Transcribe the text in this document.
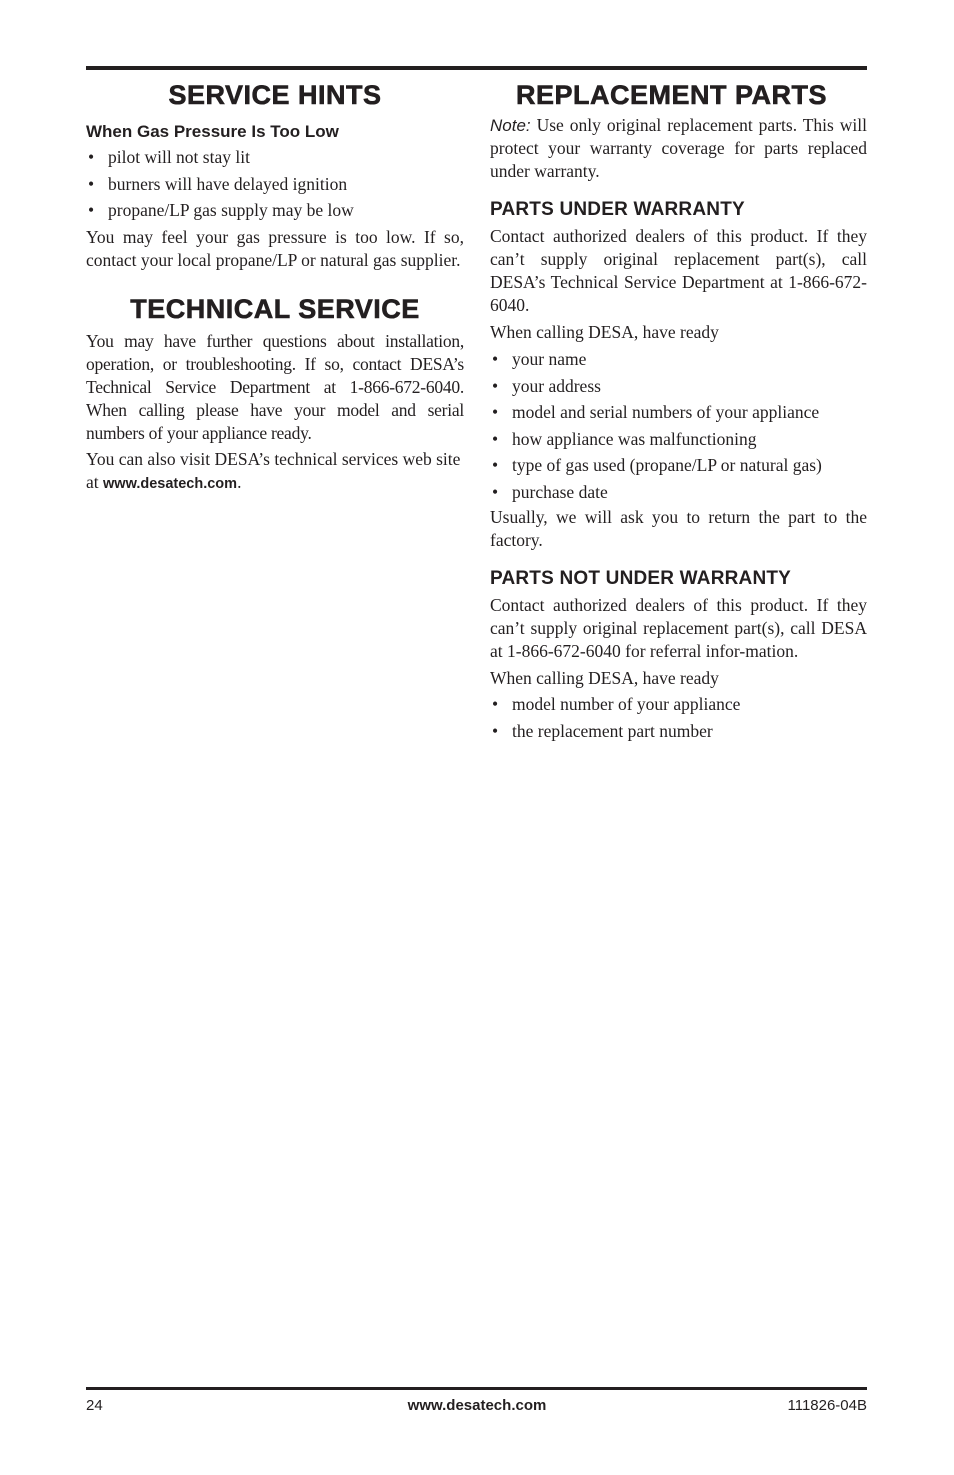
SERVICE HINTS
When Gas Pressure Is Too Low
• pilot will not stay lit
• burners will have delayed ignition
• propane/LP gas supply may be low

You may feel your gas pressure is too low. If so, contact your local propane/LP or natural gas supplier.

TECHNICAL SERVICE

You may have further questions about installation, operation, or troubleshooting. If so, contact DESA’s Technical Service Department at 1-866-672-6040. When calling please have your model and serial numbers of your appliance ready.

You can also visit DESA’s technical services web site at www.desatech.com.

REPLACEMENT PARTS

Note: Use only original replacement parts. This will protect your warranty coverage for parts replaced under warranty.

PARTS UNDER WARRANTY

Contact authorized dealers of this product. If they can’t supply original replacement part(s), call DESA’s Technical Service Department at 1-866-672-6040.

When calling DESA, have ready

• your name
• your address
• model and serial numbers of your appliance
• how appliance was malfunctioning
• type of gas used (propane/LP or natural gas)
• purchase date

Usually, we will ask you to return the part to the factory.

PARTS NOT UNDER WARRANTY

Contact authorized dealers of this product. If they can’t supply original replacement part(s), call DESA at 1-866-672-6040 for referral infor-mation.

When calling DESA, have ready

• model number of your appliance
• the replacement part number
www.desatech.com
24	111826-04B
